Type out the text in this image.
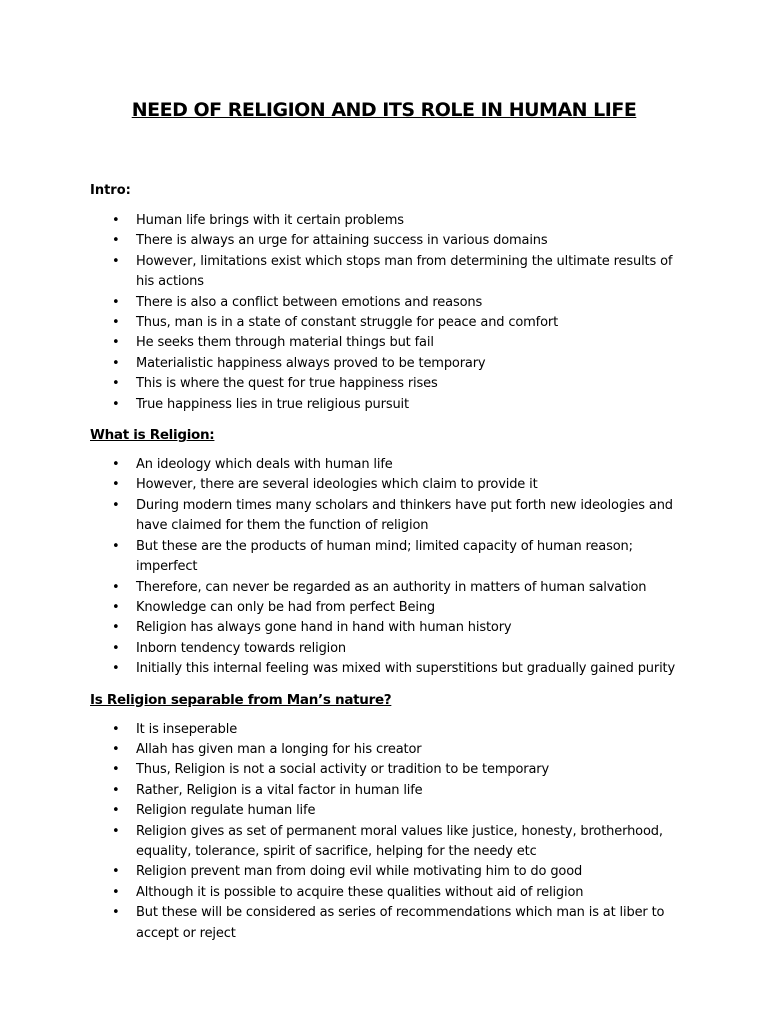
NEED OF RELIGION AND ITS ROLE IN HUMAN LIFE

Intro:

• Human life brings with it certain problems
• There is always an urge for attaining success in various domains
• However, limitations exist which stops man from determining the ultimate results of his actions
• There is also a conflict between emotions and reasons
• Thus, man is in a state of constant struggle for peace and comfort
• He seeks them through material things but fail
• Materialistic happiness always proved to be temporary
• This is where the quest for true happiness rises
• True happiness lies in true religious pursuit

What is Religion:

• An ideology which deals with human life
• However, there are several ideologies which claim to provide it
• During modern times many scholars and thinkers have put forth new ideologies and have claimed for them the function of religion
• But these are the products of human mind; limited capacity of human reason; imperfect
• Therefore, can never be regarded as an authority in matters of human salvation
• Knowledge can only be had from perfect Being
• Religion has always gone hand in hand with human history
• Inborn tendency towards religion
• Initially this internal feeling was mixed with superstitions but gradually gained purity

Is Religion separable from Man’s nature?

• It is inseperable
• Allah has given man a longing for his creator
• Thus, Religion is not a social activity or tradition to be temporary
• Rather, Religion is a vital factor in human life
• Religion regulate human life
• Religion gives as set of permanent moral values like justice, honesty, brotherhood, equality, tolerance, spirit of sacrifice, helping for the needy etc
• Religion prevent man from doing evil while motivating him to do good
• Although it is possible to acquire these qualities without aid of religion
• But these will be considered as series of recommendations which man is at liber to accept or reject
